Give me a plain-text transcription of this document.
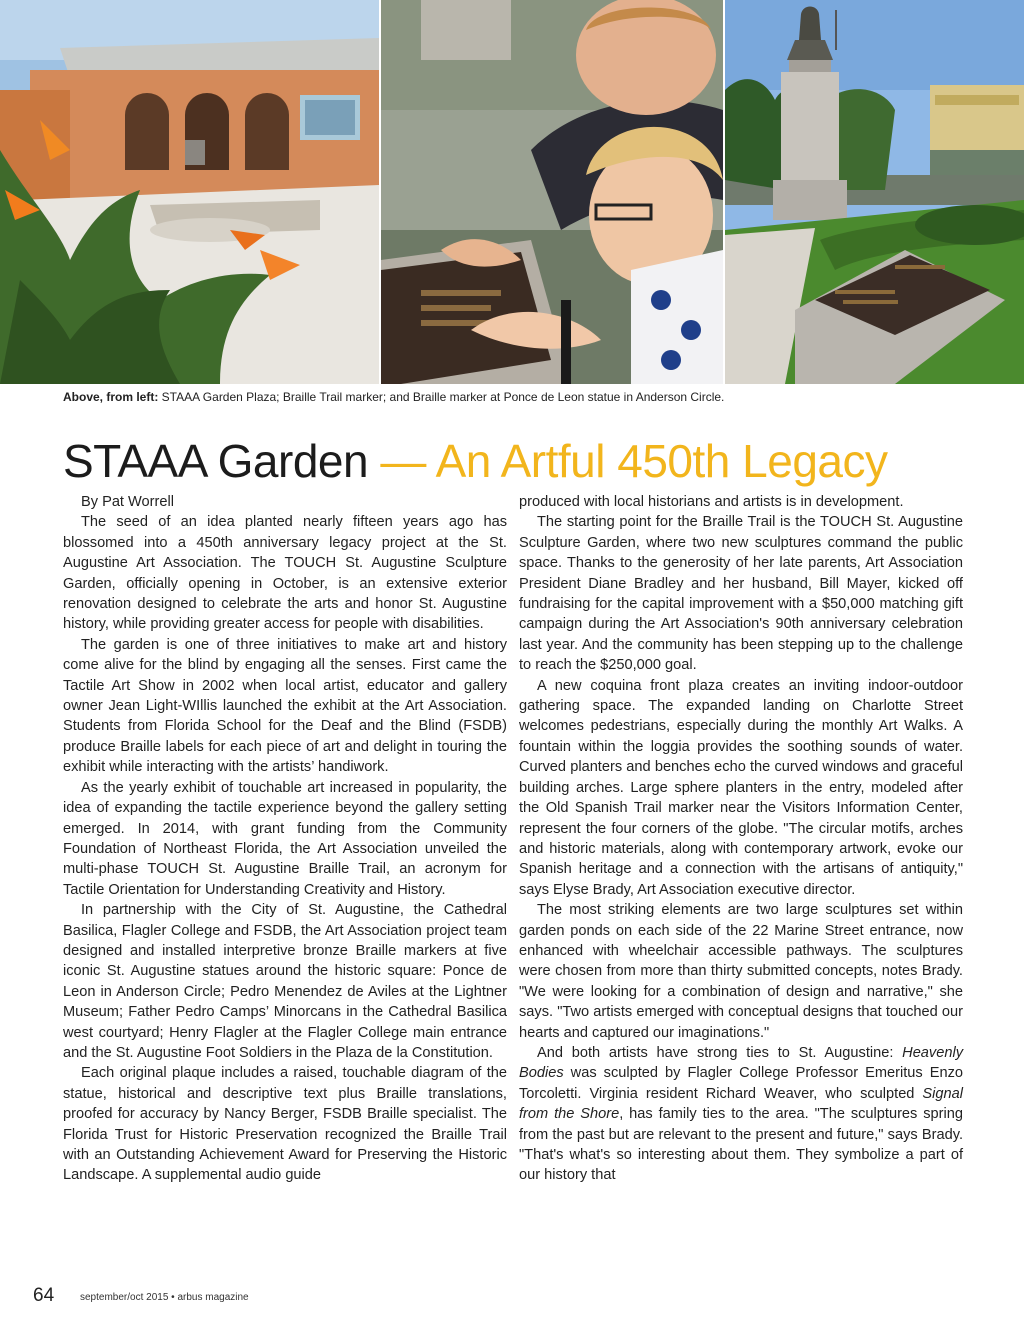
Above, from left: STAAA Garden Plaza; Braille Trail marker; and Braille marker at Ponce de Leon statue in Anderson Circle.
STAAA Garden — An Artful 450th Legacy

By Pat Worrell

The seed of an idea planted nearly fifteen years ago has blossomed into a 450th anniversary legacy project at the St. Augustine Art Association. The TOUCH St. Augustine Sculpture Garden, officially opening in October, is an extensive exterior renovation designed to celebrate the arts and honor St. Augustine history, while providing greater access for people with disabilities.

The garden is one of three initiatives to make art and history come alive for the blind by engaging all the senses. First came the Tactile Art Show in 2002 when local artist, educator and gallery owner Jean Light-WIllis launched the exhibit at the Art Association. Students from Florida School for the Deaf and the Blind (FSDB) produce Braille labels for each piece of art and delight in touring the exhibit while interacting with the artists’ handiwork.

As the yearly exhibit of touchable art increased in popularity, the idea of expanding the tactile experience beyond the gallery setting emerged. In 2014, with grant funding from the Community Foundation of Northeast Florida, the Art Association unveiled the multi-phase TOUCH St. Augustine Braille Trail, an acronym for Tactile Orientation for Understanding Creativity and History.

In partnership with the City of St. Augustine, the Cathedral Basilica, Flagler College and FSDB, the Art Association project team designed and installed interpretive bronze Braille markers at five iconic St. Augustine statues around the historic square: Ponce de Leon in Anderson Circle; Pedro Menendez de Aviles at the Lightner Museum; Father Pedro Camps’ Minorcans in the Cathedral Basilica west courtyard; Henry Flagler at the Flagler College main entrance and the St. Augustine Foot Soldiers in the Plaza de la Constitution.

Each original plaque includes a raised, touchable diagram of the statue, historical and descriptive text plus Braille translations, proofed for accuracy by Nancy Berger, FSDB Braille specialist. The Florida Trust for Historic Preservation recognized the Braille Trail with an Outstanding Achievement Award for Preserving the Historic Landscape. A supplemental audio guide

produced with local historians and artists is in development.

The starting point for the Braille Trail is the TOUCH St. Augustine Sculpture Garden, where two new sculptures command the public space. Thanks to the generosity of her late parents, Art Association President Diane Bradley and her husband, Bill Mayer, kicked off fundraising for the capital improvement with a $50,000 matching gift campaign during the Art Association's 90th anniversary celebration last year. And the community has been stepping up to the challenge to reach the $250,000 goal.

A new coquina front plaza creates an inviting indoor-outdoor gathering space. The expanded landing on Charlotte Street welcomes pedestrians, especially during the monthly Art Walks. A fountain within the loggia provides the soothing sounds of water. Curved planters and benches echo the curved windows and graceful building arches. Large sphere planters in the entry, modeled after the Old Spanish Trail marker near the Visitors Information Center, represent the four corners of the globe. "The circular motifs, arches and historic materials, along with contemporary artwork, evoke our Spanish heritage and a connection with the artisans of antiquity," says Elyse Brady, Art Association executive director.

The most striking elements are two large sculptures set within garden ponds on each side of the 22 Marine Street entrance, now enhanced with wheelchair accessible pathways. The sculptures were chosen from more than thirty submitted concepts, notes Brady. "We were looking for a combination of design and narrative," she says. "Two artists emerged with conceptual designs that touched our hearts and captured our imaginations."

And both artists have strong ties to St. Augustine: Heavenly Bodies was sculpted by Flagler College Professor Emeritus Enzo Torcoletti. Virginia resident Richard Weaver, who sculpted Signal from the Shore, has family ties to the area. "The sculptures spring from the past but are relevant to the present and future," says Brady. "That's what's so interesting about them. They symbolize a part of our history that

64	september/oct 2015 • arbus magazine
